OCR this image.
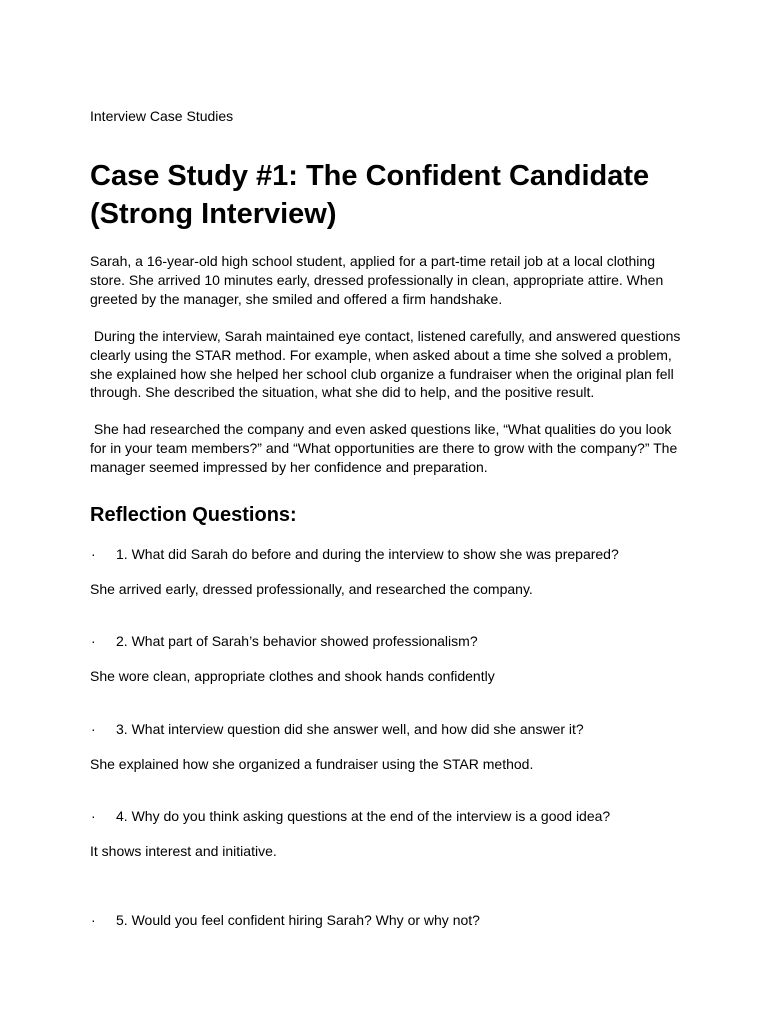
Interview Case Studies
Case Study #1: The Confident Candidate
(Strong Interview)

Sarah, a 16-year-old high school student, applied for a part-time retail job at a local clothing store. She arrived 10 minutes early, dressed professionally in clean, appropriate attire. When greeted by the manager, she smiled and offered a firm handshake.

During the interview, Sarah maintained eye contact, listened carefully, and answered questions clearly using the STAR method. For example, when asked about a time she solved a problem, she explained how she helped her school club organize a fundraiser when the original plan fell through. She described the situation, what she did to help, and the positive result.

She had researched the company and even asked questions like, “What qualities do you look for in your team members?” and “What opportunities are there to grow with the company?” The manager seemed impressed by her confidence and preparation.

Reflection Questions:
· 1. What did Sarah do before and during the interview to show she was prepared?
She arrived early, dressed professionally, and researched the company.
· 2. What part of Sarah’s behavior showed professionalism?
She wore clean, appropriate clothes and shook hands confidently
· 3. What interview question did she answer well, and how did she answer it?
She explained how she organized a fundraiser using the STAR method.
· 4. Why do you think asking questions at the end of the interview is a good idea?
It shows interest and initiative.
· 5. Would you feel confident hiring Sarah? Why or why not?
